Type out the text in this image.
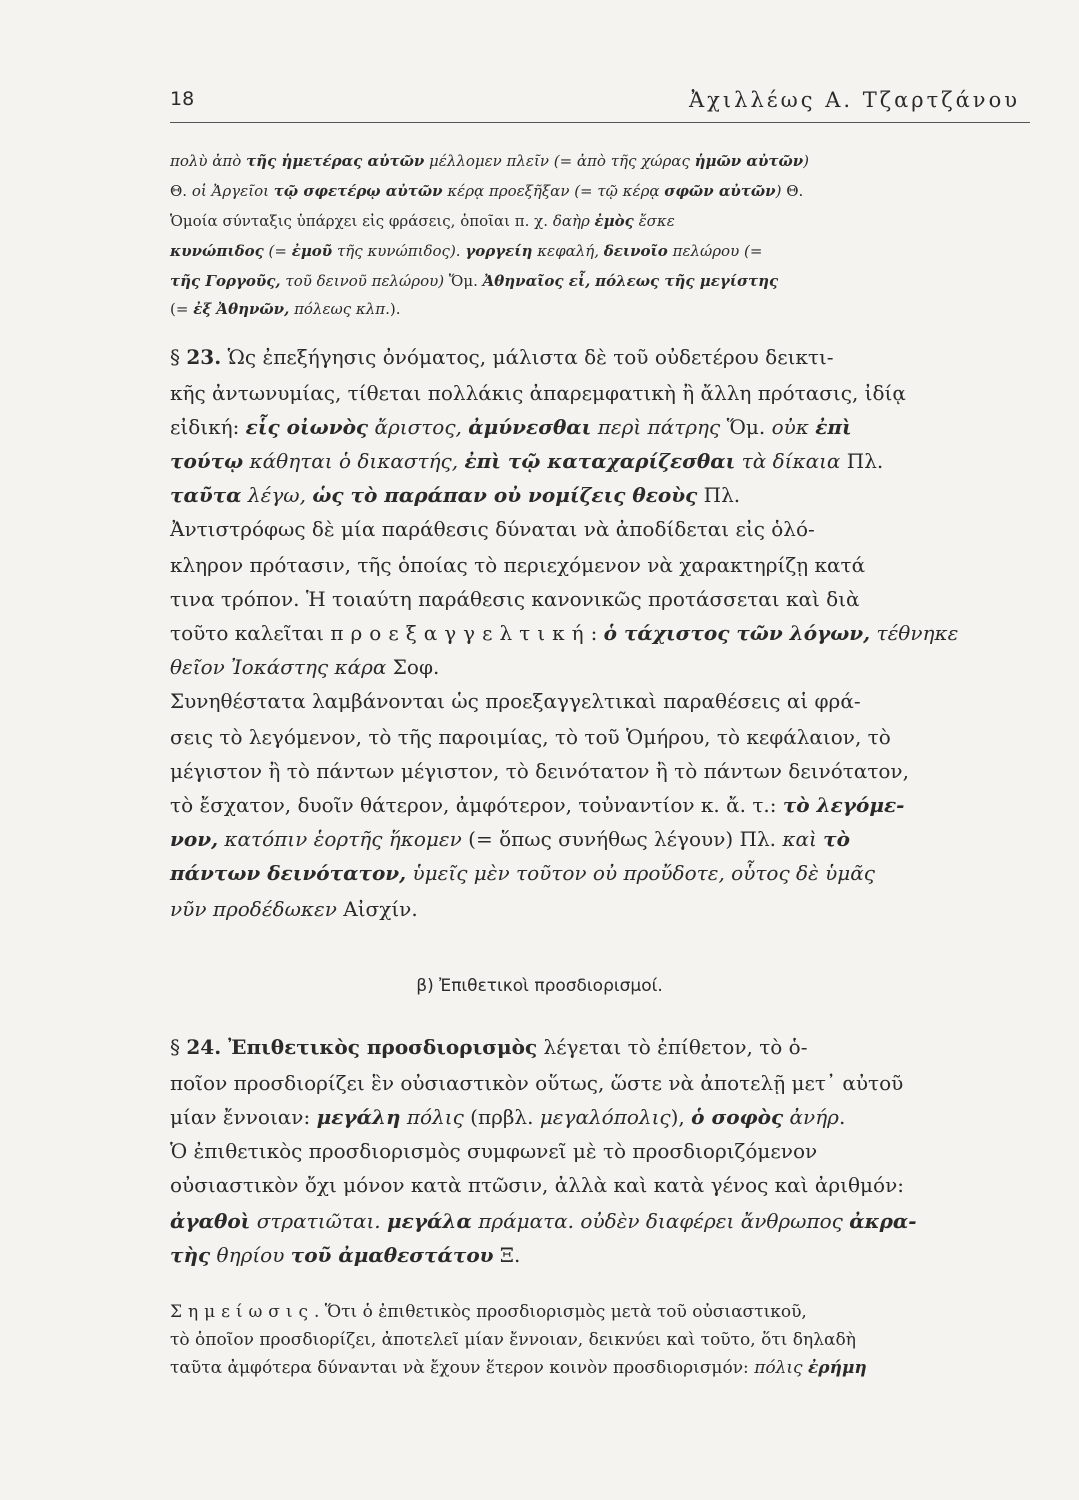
18	Ἀχιλλέως Α. Τζαρτζάνου
πολὺ ἀπὸ τῆς ἡμετέρας αὐτῶν μέλλομεν πλεῖν (= ἀπὸ τῆς χώρας ἡμῶν αὐτῶν)
Θ. οἱ Ἀργεῖοι τῷ σφετέρῳ αὐτῶν κέρᾳ προεξῆξαν (= τῷ κέρᾳ σφῶν αὐτῶν) Θ.
Ὁμοία σύνταξις ὑπάρχει εἰς φράσεις, ὁποῖαι π. χ. δαὴρ ἐμὸς ἔσκε
κυνώπιδος (= ἐμοῦ τῆς κυνώπιδος). γοργείη κεφαλή, δεινοῖο πελώρου (=
τῆς Γοργοῦς, τοῦ δεινοῦ πελώρου) Ὅμ. Ἀθηναῖος εἶ, πόλεως τῆς μεγίστης
(= ἐξ Ἀθηνῶν, πόλεως κλπ.).
§ 23. Ὡς ἐπεξήγησις ὀνόματος, μάλιστα δὲ τοῦ οὐδετέρου δεικτι-
κῆς ἀντωνυμίας, τίθεται πολλάκις ἀπαρεμφατικὴ ἢ ἄλλη πρότασις, ἰδίᾳ
εἰδική: εἷς οἰωνὸς ἄριστος, ἀμύνεσθαι περὶ πάτρης Ὅμ. οὐκ ἐπὶ
τούτῳ κάθηται ὁ δικαστής, ἐπὶ τῷ καταχαρίζεσθαι τὰ δίκαια Πλ.
ταῦτα λέγω, ὡς τὸ παράπαν οὐ νομίζεις θεοὺς Πλ.
Ἀντιστρόφως δὲ μία παράθεσις δύναται νὰ ἀποδίδεται εἰς ὁλό-
κληρον πρότασιν, τῆς ὁποίας τὸ περιεχόμενον νὰ χαρακτηρίζῃ κατά
τινα τρόπον. Ἡ τοιαύτη παράθεσις κανονικῶς προτάσσεται καὶ διὰ
τοῦτο καλεῖται προεξαγγελτική: ὁ τάχιστος τῶν λόγων, τέθνηκε
θεῖον Ἰοκάστης κάρα Σοφ.
Συνηθέστατα λαμβάνονται ὡς προεξαγγελτικαὶ παραθέσεις αἱ φρά-
σεις τὸ λεγόμενον, τὸ τῆς παροιμίας, τὸ τοῦ Ὁμήρου, τὸ κεφάλαιον, τὸ
μέγιστον ἢ τὸ πάντων μέγιστον, τὸ δεινότατον ἢ τὸ πάντων δεινότατον,
τὸ ἔσχατον, δυοῖν θάτερον, ἀμφότερον, τοὐναντίον κ. ἄ. τ.: τὸ λεγόμε-
νον, κατόπιν ἑορτῆς ἥκομεν (= ὅπως συνήθως λέγουν) Πλ. καὶ τὸ
πάντων δεινότατον, ὑμεῖς μὲν τοῦτον οὐ προὔδοτε, οὗτος δὲ ὑμᾶς
νῦν προδέδωκεν Αἰσχίν.
β) Ἐπιθετικοὶ προσδιορισμοί.
§ 24. Ἐπιθετικὸς προσδιορισμὸς λέγεται τὸ ἐπίθετον, τὸ ὁ-
ποῖον προσδιορίζει ἓν οὐσιαστικὸν οὕτως, ὥστε νὰ ἀποτελῇ μετ᾽ αὐτοῦ
μίαν ἔννοιαν: μεγάλη πόλις (πρβλ. μεγαλόπολις), ὁ σοφὸς ἀνήρ.
Ὁ ἐπιθετικὸς προσδιορισμὸς συμφωνεῖ μὲ τὸ προσδιοριζόμενον
οὐσιαστικὸν ὄχι μόνον κατὰ πτῶσιν, ἀλλὰ καὶ κατὰ γένος καὶ ἀριθμόν:
ἀγαθοὶ στρατιῶται. μεγάλα πράματα. οὐδὲν διαφέρει ἄνθρωπος ἀκρα-
τὴς θηρίου τοῦ ἀμαθεστάτου Ξ.
Σημείωσις. Ὅτι ὁ ἐπιθετικὸς προσδιορισμὸς μετὰ τοῦ οὐσιαστικοῦ,
τὸ ὁποῖον προσδιορίζει, ἀποτελεῖ μίαν ἔννοιαν, δεικνύει καὶ τοῦτο, ὅτι δηλαδὴ
ταῦτα ἀμφότερα δύνανται νὰ ἔχουν ἕτερον κοινὸν προσδιορισμόν: πόλις ἐρήμη
